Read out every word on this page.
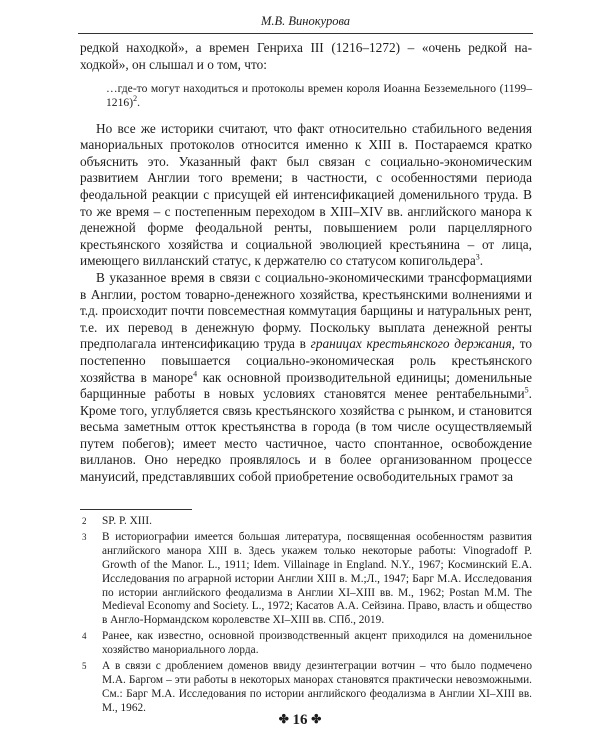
М.В. Винокурова

редкой находкой», а времен Генриха III (1216–1272) – «очень редкой на-ходкой», он слышал и о том, что:

…где-то могут находиться и протоколы времен короля Иоанна Безземельного (1199–1216)$^2$.

Но все же историки считают, что факт относительно стабильного ведения манориальных протоколов относится именно к XIII в. Постараемся кратко объяснить это. Указанный факт был связан с социально-экономическим развитием Англии того времени; в частности, с особенностями периода феодальной реакции с присущей ей интенсификацией доменильного труда. В то же время – с постепенным переходом в XIII–XIV вв. английского манора к денежной форме феодальной ренты, повышением роли парцеллярного крестьянского хозяйства и социальной эволюцией крестьянина – от лица, имеющего вилланский статус, к держателю со статусом копигольдера$^3$.

В указанное время в связи с социально-экономическими трансформациями в Англии, ростом товарно-денежного хозяйства, крестьянскими волнениями и т.д. происходит почти повсеместная коммутация барщины и натуральных рент, т.е. их перевод в денежную форму. Поскольку выплата денежной ренты предполагала интенсификацию труда в границах крестьянского держания, то постепенно повышается социально-экономическая роль крестьянского хозяйства в маноре$^4$ как основной производительной единицы; доменильные барщинные работы в новых условиях становятся менее рентабельными$^5$. Кроме того, углубляется связь крестьянского хозяйства с рынком, и становится весьма заметным отток крестьянства в города (в том числе осуществляемый путем побегов); имеет место частичное, часто спонтанное, освобождение вилланов. Оно нередко проявлялось и в более организованном процессе мануисий, представлявших собой приобретение освободительных грамот за

2	SP. P. XIII.
3	В историографии имеется большая литература, посвященная особенностям развития английского манора XIII в. Здесь укажем только некоторые работы: Vinogradoff P. Growth of the Manor. L., 1911; Idem. Villainage in England. N.Y., 1967; Косминский Е.А. Исследования по аграрной истории Англии XIII в. М.;Л., 1947; Барг М.А. Исследования по истории английского феодализма в Англии XI–XIII вв. М., 1962; Postan M.M. The Medieval Economy and Society. L., 1972; Касатов А.А. Сейзина. Право, власть и общество в Англо-Нормандском королевстве XI–XIII вв. СПб., 2019.
4	Ранее, как известно, основной производственный акцент приходился на доменильное хозяйство манориального лорда.
5	А в связи с дроблением доменов ввиду дезинтеграции вотчин – что было подмечено М.А. Баргом – эти работы в некоторых манорах становятся практически невозможными. См.: Барг М.А. Исследования по истории английского феодализма в Англии XI–XIII вв. М., 1962.
✤ 16 ✤
